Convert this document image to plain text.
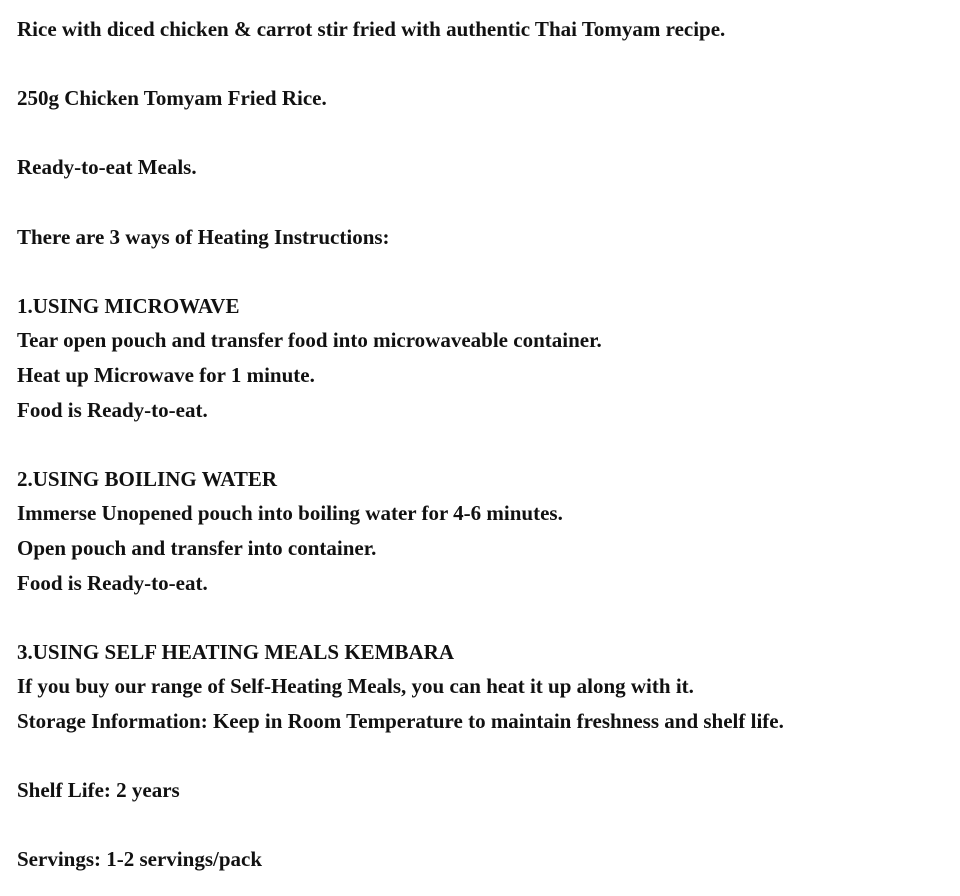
Rice with diced chicken & carrot stir fried with authentic Thai Tomyam recipe.

250g Chicken Tomyam Fried Rice.

Ready-to-eat Meals.

There are 3 ways of Heating Instructions:

1.USING MICROWAVE

Tear open pouch and transfer food into microwaveable container.

Heat up Microwave for 1 minute.

Food is Ready-to-eat.

2.USING BOILING WATER

Immerse Unopened pouch into boiling water for 4-6 minutes.

Open pouch and transfer into container.

Food is Ready-to-eat.

3.USING SELF HEATING MEALS KEMBARA

If you buy our range of Self-Heating Meals, you can heat it up along with it.

Storage Information: Keep in Room Temperature to maintain freshness and shelf life.

Shelf Life: 2 years

Servings: 1-2 servings/pack
